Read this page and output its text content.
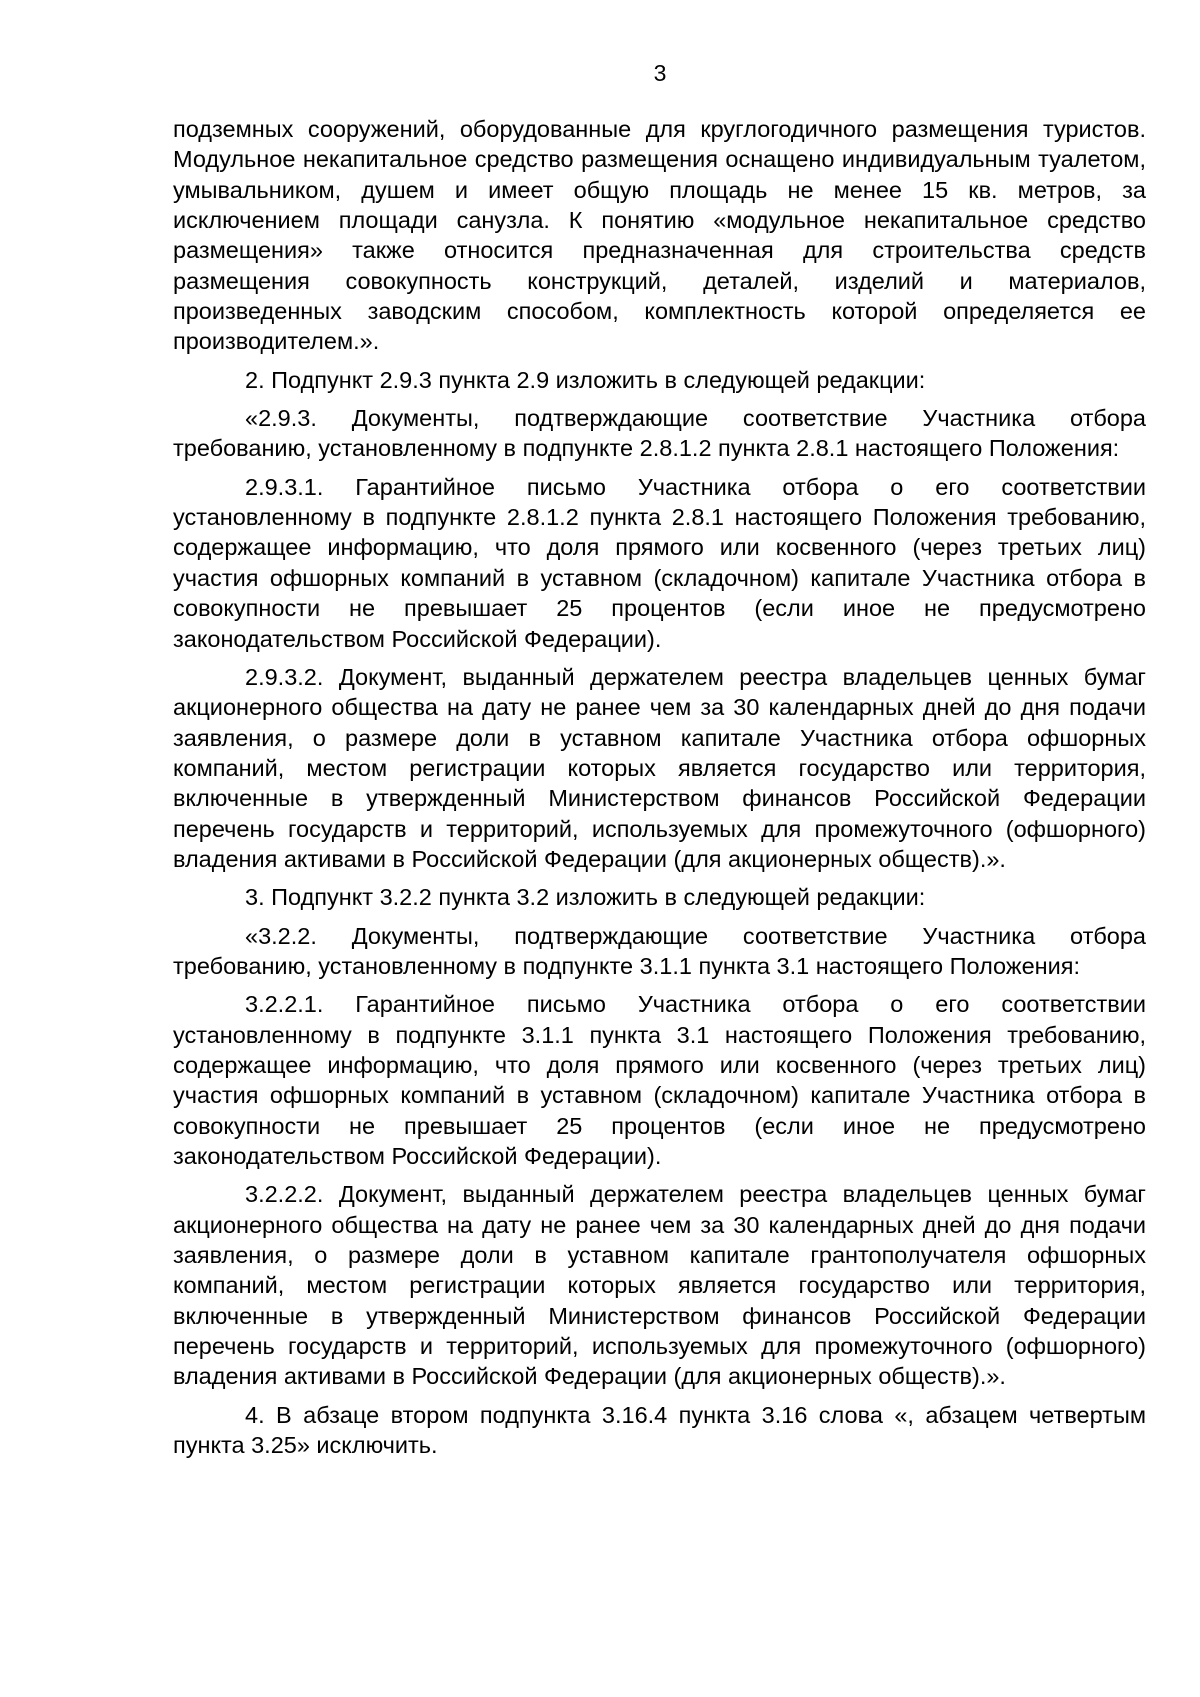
3

подземных сооружений, оборудованные для круглогодичного размещения туристов. Модульное некапитальное средство размещения оснащено индивидуальным туалетом, умывальником, душем и имеет общую площадь не менее 15 кв. метров, за исключением площади санузла. К понятию «модульное некапитальное средство размещения» также относится предназначенная для строительства средств размещения совокупность конструкций, деталей, изделий и материалов, произведенных заводским способом, комплектность которой определяется ее производителем.».

2. Подпункт 2.9.3 пункта 2.9 изложить в следующей редакции:

«2.9.3. Документы, подтверждающие соответствие Участника отбора требованию, установленному в подпункте 2.8.1.2 пункта 2.8.1 настоящего Положения:

2.9.3.1. Гарантийное письмо Участника отбора о его соответствии установленному в подпункте 2.8.1.2 пункта 2.8.1 настоящего Положения требованию, содержащее информацию, что доля прямого или косвенного (через третьих лиц) участия офшорных компаний в уставном (складочном) капитале Участника отбора в совокупности не превышает 25 процентов (если иное не предусмотрено законодательством Российской Федерации).

2.9.3.2. Документ, выданный держателем реестра владельцев ценных бумаг акционерного общества на дату не ранее чем за 30 календарных дней до дня подачи заявления, о размере доли в уставном капитале Участника отбора офшорных компаний, местом регистрации которых является государство или территория, включенные в утвержденный Министерством финансов Российской Федерации перечень государств и территорий, используемых для промежуточного (офшорного) владения активами в Российской Федерации (для акционерных обществ).».

3. Подпункт 3.2.2 пункта 3.2 изложить в следующей редакции:

«3.2.2. Документы, подтверждающие соответствие Участника отбора требованию, установленному в подпункте 3.1.1 пункта 3.1 настоящего Положения:

3.2.2.1. Гарантийное письмо Участника отбора о его соответствии установленному в подпункте 3.1.1 пункта 3.1 настоящего Положения требованию, содержащее информацию, что доля прямого или косвенного (через третьих лиц) участия офшорных компаний в уставном (складочном) капитале Участника отбора в совокупности не превышает 25 процентов (если иное не предусмотрено законодательством Российской Федерации).

3.2.2.2. Документ, выданный держателем реестра владельцев ценных бумаг акционерного общества на дату не ранее чем за 30 календарных дней до дня подачи заявления, о размере доли в уставном капитале грантополучателя офшорных компаний, местом регистрации которых является государство или территория, включенные в утвержденный Министерством финансов Российской Федерации перечень государств и территорий, используемых для промежуточного (офшорного) владения активами в Российской Федерации (для акционерных обществ).».

4. В абзаце втором подпункта 3.16.4 пункта 3.16 слова «, абзацем четвертым пункта 3.25» исключить.
